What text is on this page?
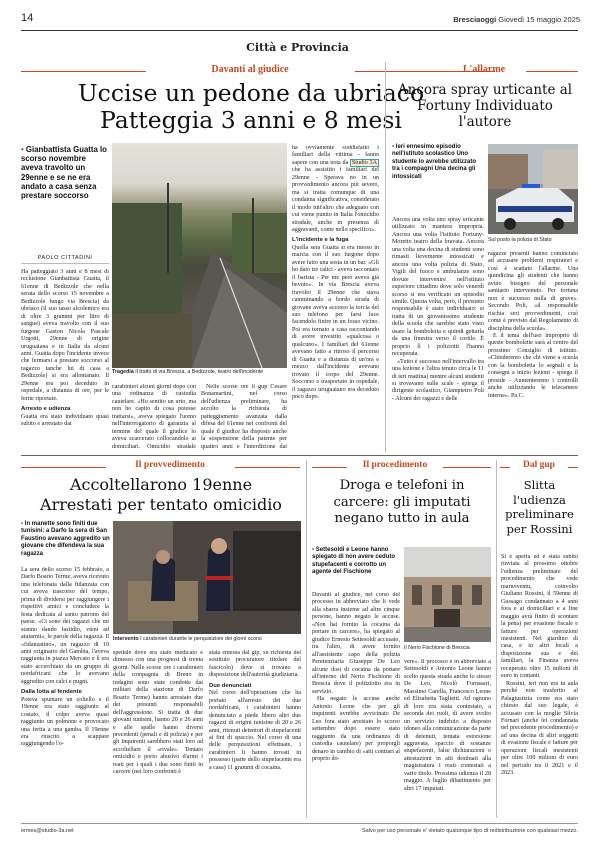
14	Bresciaoggi Giovedì 15 maggio 2025
Città e Provincia
Davanti al giudice
Uccise un pedone da ubriaco
Patteggia 3 anni e 8 mesi
• Gianbattista Guatta lo scorso novembre aveva travolto un 29enne e se ne era andato a casa senza prestare soccorso
PAOLO CITTADINI

Ha patteggiato 3 anni e 8 mesi di reclusione Gianbattista Guatta, il 61enne di Bedizzole che nella serata dello scorso 15 novembre a Bedizzole fungo via Brescia) da ubriaco (il suo tasso alcolemico era di oltre 3 grammi per litro di sangue) aveva travolto con il suo furgone Gaston Nicola Pascale Urgotti, 29enne di origine uruguaiana e in Italia da alcuni anni. Guatta dopo l'incidente invece che fermarsi a prestare soccorso al ragazzo tanche lui di casa a Bedizzole) si era allontanato. Il 29enne era poi deceduto in ospedale, a distanza di ore, per le ferite riportate.

Arresto e udienza

Guatta era stato individuato quasi subito e arrestato dai

Tragedia Il tratto di via Brescia, a Bedizzole, teatro dell'incidente

carabinieri alcuni giorni dopo con una ordinanza di custodia cautelare. «Ho sentito un urto, ma non ho capito di cosa potesse trattarsi», aveva spiegato l'uomo nell'interrogatorio di garanzia al termine del quale il giudice lo aveva scarcerato collocandolo ai domiciliari. Omicidio stradale

Nelle scorse ore il gup Cesare Bonamartini, nel corso dell'udienza preliminare, ha accolto la richiesta di patteggiamento avanzata dalla difesa del 61enne nei confronti del quale il giudice ha disposto anche la sospensione della patente per quattro anni e l'interdizione dai

ha ovviamente soddisfatto i familiari della vittima - fanno sapere con una nota da Studio 3A che ha assistito i familiari del 29enne - Sperava no in un provvedimento ancora più severo, ma si tratta comunque di una condanna significativa, considerato il modo tutt'altro che adeguato con cui viene punito in Italia l'omicidio stradale, anche in presenza di aggravanti, come nello specifico».

L'incidente e la fuga

Quella sera Guatta si era messo in marcia con il suo furgone dopo avere fatto una sosta in un bar. «Gli ho dato tre calici - aveva raccontato il barista - Per me però aveva già bevuto». In via Brescia aveva travolto il 29enne che stava camminando a bordo strada di giovane aveva accesso la torcia del suo telefono per farsi luce facendolo finire in un fosso vicino. Poi era tornato a casa raccontando di avere investito «qualcosa o qualcuno». I familiari del 61enne avevano fatto a ritroso il percorso di Guatta e a distanza di un'ora e mezzo dall'incidente avevano trovato il corpo del 29enne. Soccorso e trasportato in ospedale, il ragazzo uruguaiano era deceduto poco dopo.

L'allarme
Ancora spray urticante al Fortuny Individuato l'autore
• Ieri ennesimo episodio nell'istituto scolastico Uno studente lo avrebbe utilizzato tra i compagni Una decina gli intossicati

Ancora una volta uno spray urticante utilizzato in maniera impropria. Ancora una volta l'istituto Fortuny-Moretto teatro della bravata. Ancora una volta una decina di studenti sono rimasti lievemente intossicati e ancora una volta polizia di Stato, Vigili del fuoco e ambulanze sono dovute intervenire nell'istituto superiore cittadino dove solo venerdì scorso si era verificato un episodio simile. Questa volta, però, il presunto responsabile è stato individuato: si tratta di un giovanissimo studente della scuola che sarebbe stato visto usare la bomboletta e quindi gettarla da una finestra verso il cortile. È proprio lì i poliziotti l'hanno recuperata.

«Tutto è successo nell'intervallo tra una lezione e l'altra tenuto circa le 11 di ieri mattina) mentre alcuni studenti si trovavano sulle scale - spiega il dirigente scolastico, Giampietro Poli - Alcuni dei ragazzi e delle

Sul posto la polizia di Stato

ragazze presenti hanno cominciato ad accusare problemi respiratori e così è scattato l'allarme. Una quindicina gli studenti che hanno avuto bisogno del personale sanitario intervenuto. Per fortuna non è successo nulla di grave». Secondo Poli, «il responsabile rischia seri provvedimenti, così come è previsto dal Regolamento di disciplina della scuola».

E il tema dell'uso improprio di queste bombolette sarà al centro del prossimo Consiglio di istituto. «Chiederemo che chi viene a scuola con la bomboletta lo segnali e la consegni a inizio lezioni - spiega il preside - Aumenteremo i controlli anche utilizzando le telecamere interne». Pa.C.

Il provvedimento
Accoltellarono 19enne
Arrestati per tentato omicidio
• In manette sono finiti due tunisini: a Darfo la sera di San Faustino avevano aggredito un giovane che difendeva la sua ragazza

La sera dello scorso 15 febbraio, a Darfo Boario Terme, aveva ricevuto una telefonata dalla fidanzata con cui aveva trascorso del tempo, prima di dividersi per raggiungere i rispettivi amici e concludere la festa dedicata al santo patrono del paese. «Ci sono dei ragazzi che mi stanno dando fastidio, vieni ad aiutarmi», le parole della ragazza. Il «fidanzatino», un ragazzo di 19 anni originario del Gambia, l'aveva raggiunta in piazza Mercato e lì era stato accerchiato da un gruppo di nordafricani che lo avevano aggredito con calci e pugni.

Dalla lotta al fendente

Poteva spuntare un coltello e il 19enne era stato raggiunto al costato, il colpo aveva quasi raggiunto un polmone e provocato una ferita a una gamba. Il 19enne era riuscito a scappare raggiungendo l'o-

Intervento I carabinieri durante le perquisizioni dei giorni scorsi

spedale dove era stato medicato e dimesso con una prognosi di trenta giorni. Nelle scorse ore i carabinieri della compagnia di Breno in indagini sono state condotte dai militari della stazione di Darfo Boario Terme) hanno arrestato due dei presunti responsabili dell'aggressione. Si tratta di due giovani tunisini, hanno 20 e 26 anni e alle spalle hanno diversi precedenti (penali e di polizia) e per gli inquirenti sarebbero stati loro ad accoltellare il «rivale». Tentato omicidio e porto abusivo d'armi i reati per i quali i due sono finiti in carcere (nei loro confronti è

stata emessa dal gip, su richiesta del sostituto procuratore titolare del fascicolo) dove si trovano a disposizione dell'autorità giudiziaria.

Due denunciati

Nel corso dell'operazione che ha portato all'arresto dei due nordafricani, i carabinieri hanno denunciato a piede libero altri due ragazzi di origini tunisine di 20 e 26 anni, ritenuti detentori di stupefacenti ai fini di spaccio. Nel corso di una delle perquisizioni effettuate, i carabinieri li hanno trovati in possesso (parte dello stupefacente era a casa) 11 grammi di cocaina.

Il procedimento
Droga e telefoni in carcere: gli imputati negano tutto in aula
• Settesoldi e Leone hanno spiegato di non avere ceduto stupefacenti e corrotto un agente del Fischione

Davanti al giudice, nel corso del processo in abbreviato che li vede alla sbarra insieme ad altre cinque persone, hanno negato le accuse. «Non hai fornito la cocaina da portare in carcere», ha spiegato al giudice Ernesto Settesoldi accusato, tra l'altro, di avere fornito all'assistente capo della polizia Penitenziaria Giuseppe De Leo alcune dosi di cocaina da portare all'interno del Nerio Fischione di Brescia dove il politziotto era in servizio.

Ha negato le accuse anche Antonio Leone che per gli inquirenti avrebbe avvicinato De Leo fora stato arrestato lo scorso settembre dopo essere stato raggiunto da una ordinanza di custodia cautelare) per proporgli denaro in cambio di «atti contrari al proprio do-

Il Nerio Fischione di Brescia

vere». Il processo è in abbreviato a Settesoldi e Antonio Leone hanno scelto questa strada anche lo stesso De Leo, Nicolò Fornasari, Massimo Carella, Francesco Leone ed Elisabetta Taglietti. Ad ognuno di loro era stata contestato, a seconda dei ruoli, di avere svolto un servizio indebito a disposto idoneo alla comunicazione da parte di detenuti, tentata estorsione aggravata, spaccio di sostanze stupefacenti, false dichiarazioni o attestazioni in atti destinati alla magistratura i reati contestati a vario titolo. Prossima udienza il 28 maggio. A luglio dibattimento per altri 17 imputati.

Dal gup
Slitta l'udienza preliminare per Rossini

Si è aperta ed è stata subito rinviata al prossimo ottobre l'udienza preliminare del procedimento che vede marnoventu, coinvolto Giuliano Rossini, il 59enne di Gussago condannato a 4 anni fora e ai domiciliari e a fine maggio avrà finito di scontare la pena) per evasione fiscale e fatture per operazioni inesistenti. Nel giardino di casa, e in altri locali a disposizione sua e dei familiari, la Finanza aveva recuperato oltre 15 milioni di euro in contanti.

Rossini, ieri non era in aula perché non trasferito al Palagiustizia come era stato chiesto dal suo legale, è accusato con la moglie Silvia Fornari (anche lei condannata nel precedente procedimento) e ad una decina di altri soggetti di evasione fiscale e fatture per operazioni fiscali inesistenti per oltre 100 milioni di euro nel periodo tra il 2021 e il 2023.

ermes@studio-3a.net	Salvo per uso personale e' vietato qualunque tipo di redistribuzione con qualsiasi mezzo.
